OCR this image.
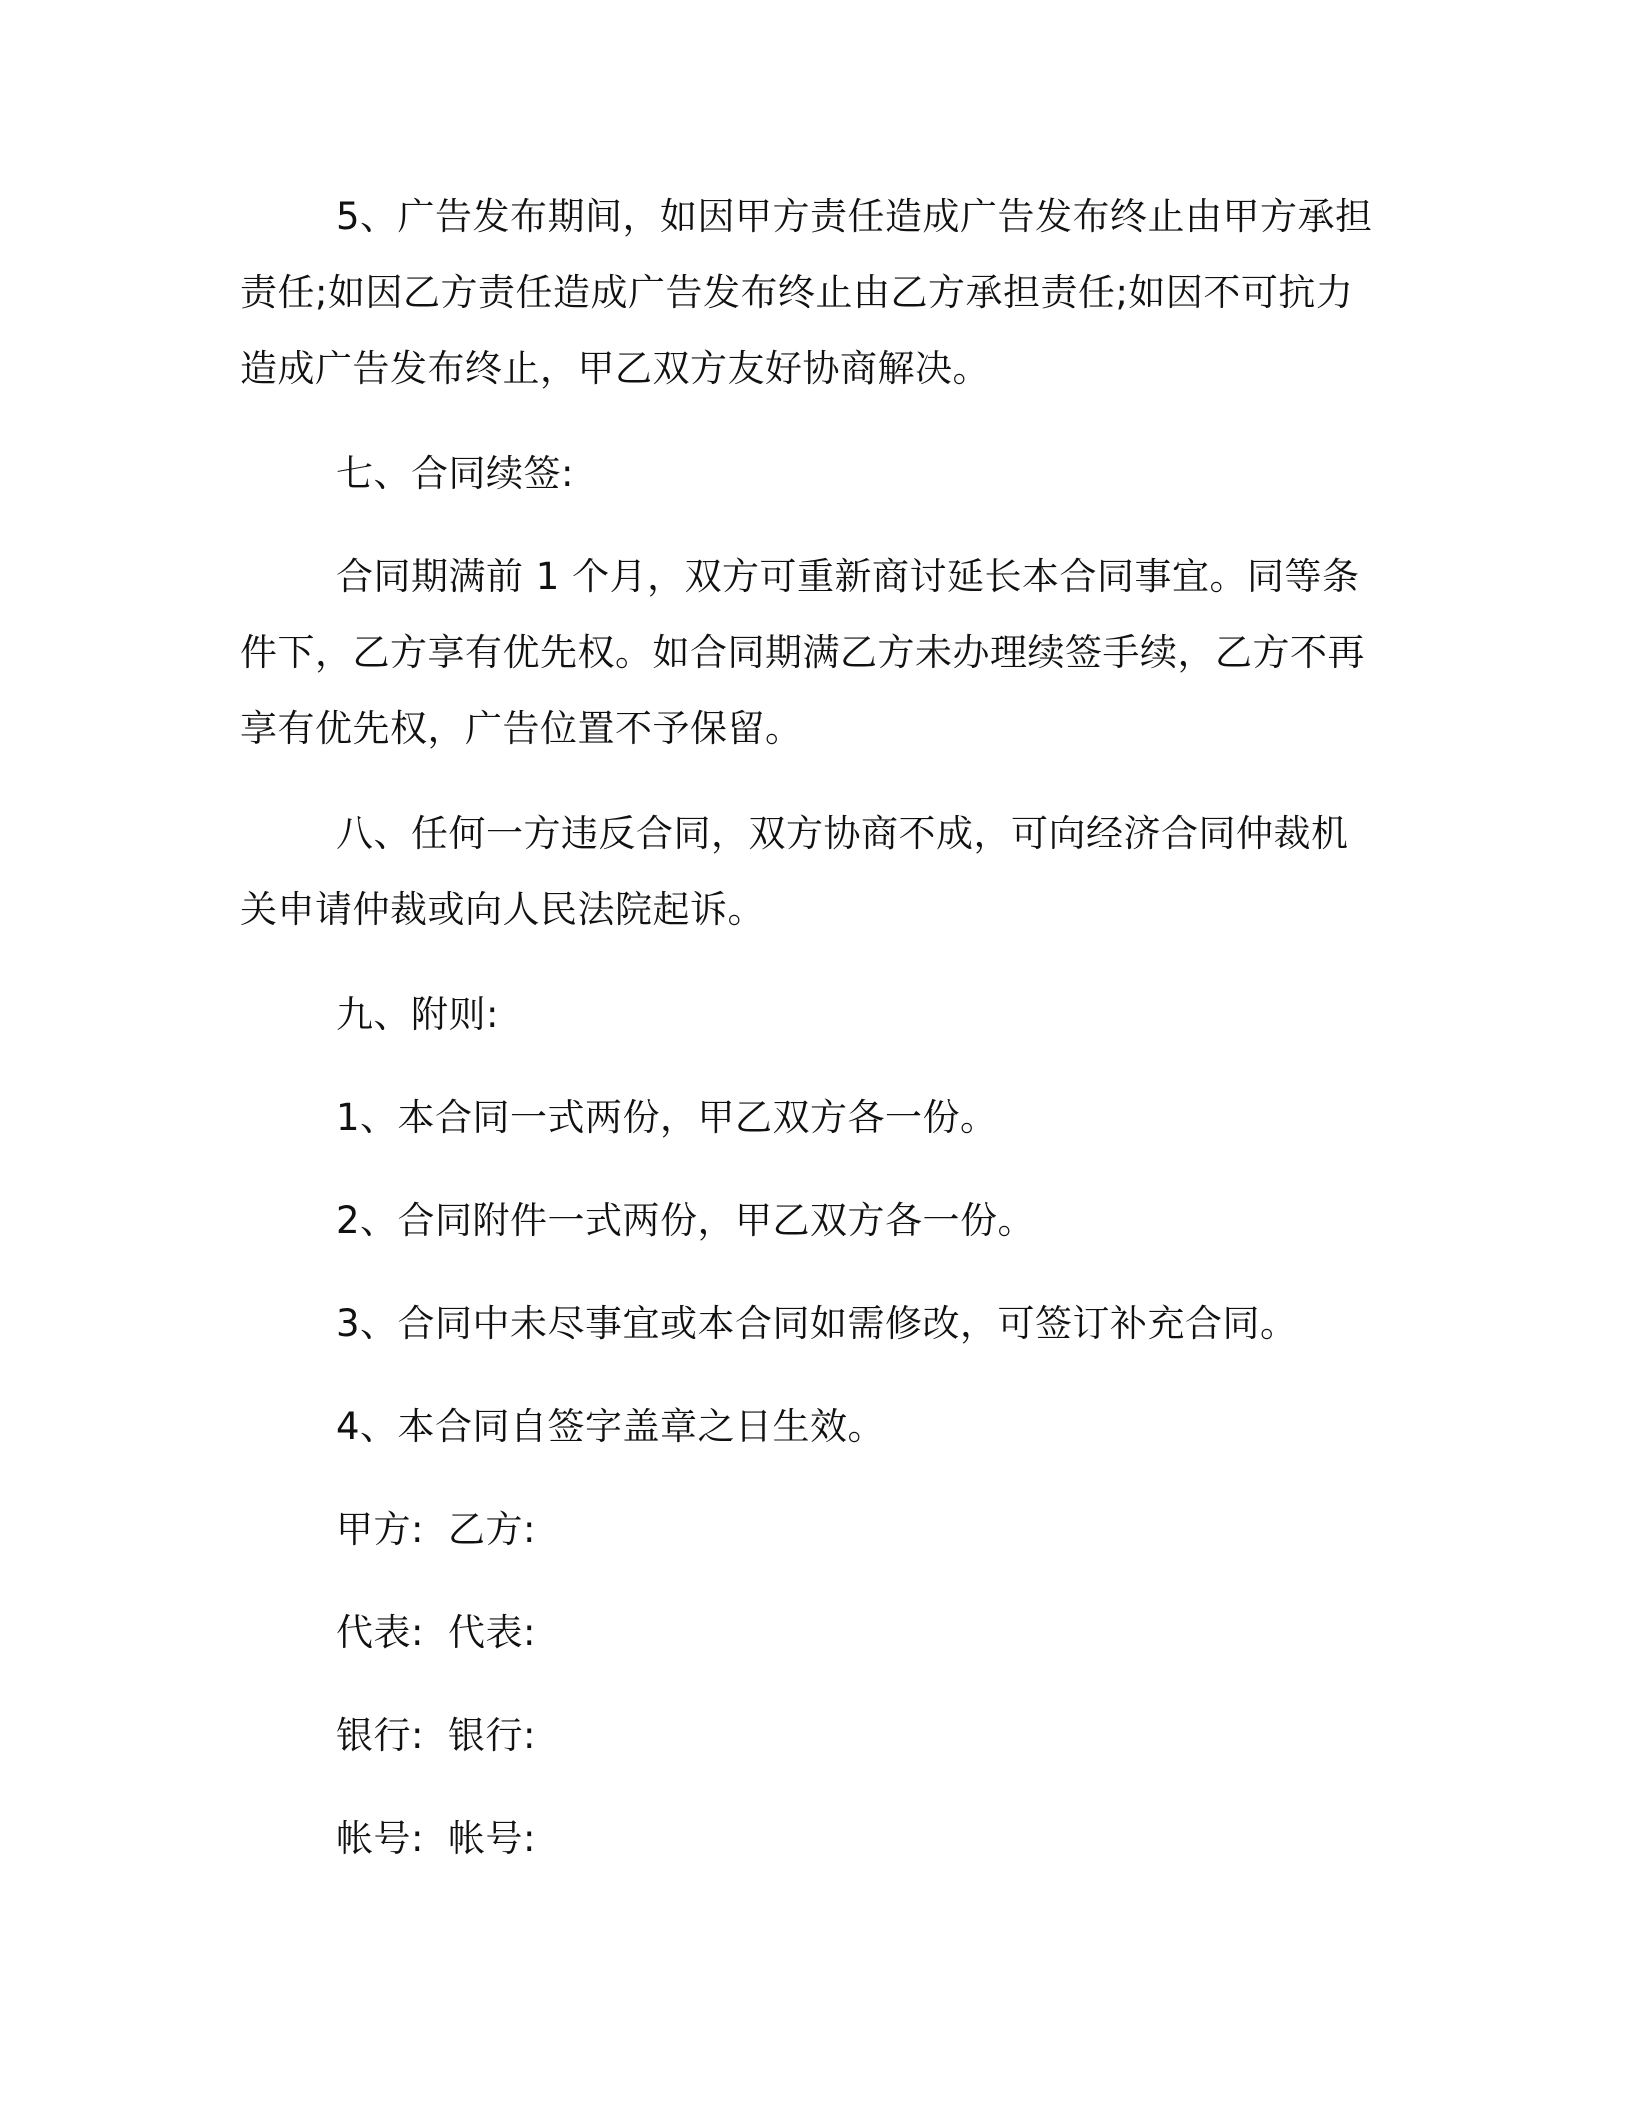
5、广告发布期间，如因甲方责任造成广告发布终止由甲方承担责任;如因乙方责任造成广告发布终止由乙方承担责任;如因不可抗力造成广告发布终止，甲乙双方友好协商解决。

七、合同续签:

合同期满前 1 个月，双方可重新商讨延长本合同事宜。同等条件下，乙方享有优先权。如合同期满乙方未办理续签手续，乙方不再享有优先权，广告位置不予保留。

八、任何一方违反合同，双方协商不成，可向经济合同仲裁机关申请仲裁或向人民法院起诉。

九、附则:

1、本合同一式两份，甲乙双方各一份。

2、合同附件一式两份，甲乙双方各一份。

3、合同中未尽事宜或本合同如需修改，可签订补充合同。

4、本合同自签字盖章之日生效。

甲方: 乙方:

代表: 代表:

银行: 银行:

帐号: 帐号:
